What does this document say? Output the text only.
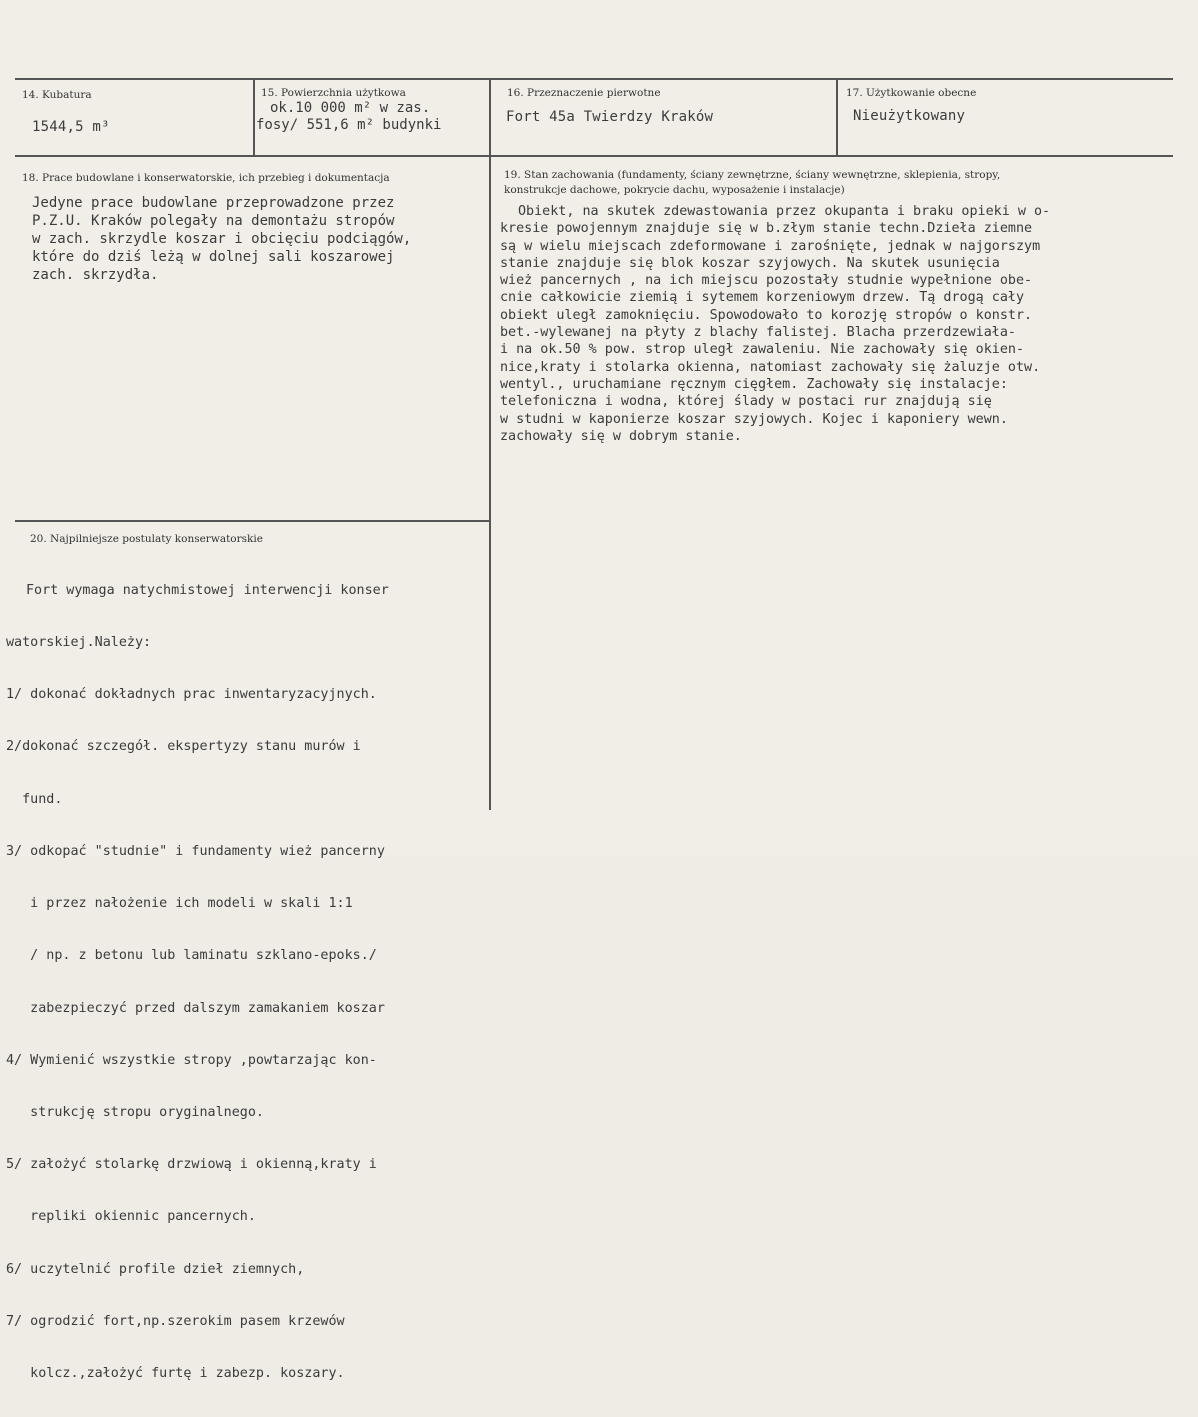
14. Kubatura
1544,5 m³
15. Powierzchnia użytkowa
ok.10 000 m² w zas.
fosy/ 551,6 m² budynki
16. Przeznaczenie pierwotne
Fort 45a Twierdzy Kraków
17. Użytkowanie obecne
Nieużytkowany
18. Prace budowlane i konserwatorskie, ich przebieg i dokumentacja
Jedyne prace budowlane przeprowadzone przez
P.Z.U. Kraków polegały na demontażu stropów
w zach. skrzydle koszar i obcięciu podciągów,
które do dziś leżą w dolnej sali koszarowej
zach. skrzydła.
19. Stan zachowania (fundamenty, ściany zewnętrzne, ściany wewnętrzne, sklepienia, stropy,
konstrukcje dachowe, pokrycie dachu, wyposażenie i instalacje)
Obiekt, na skutek zdewastowania przez okupanta i braku opieki w o-
kresie powojennym znajduje się w b.złym stanie techn.Dzieła ziemne
są w wielu miejscach zdeformowane i zarośnięte, jednak w najgorszym
stanie znajduje się blok koszar szyjowych. Na skutek usunięcia
wież pancernych , na ich miejscu pozostały studnie wypełnione obe-
cnie całkowicie ziemią i sytemem korzeniowym drzew. Tą drogą cały
obiekt uległ zamoknięciu. Spowodowało to korozję stropów o konstr.
bet.-wylewanej na płyty z blachy falistej. Blacha przerdzewiała-
i na ok.50 % pow. strop uległ zawaleniu. Nie zachowały się okien-
nice,kraty i stolarka okienna, natomiast zachowały się żaluzje otw.
wentyl., uruchamiane ręcznym cięgłem. Zachowały się instalacje:
telefoniczna i wodna, której ślady w postaci rur znajdują się
w studni w kaponierze koszar szyjowych. Kojec i kaponiery wewn.
zachowały się w dobrym stanie.
20. Najpilniejsze postulaty konserwatorskie

Fort wymaga natychmistowej interwencji konser

watorskiej.Należy:

1/ dokonać dokładnych prac inwentaryzacyjnych.

2/dokonać szczegół. ekspertyzy stanu murów i

fund.

3/ odkopać "studnie" i fundamenty wież pancerny

i przez nałożenie ich modeli w skali 1:1

/ np. z betonu lub laminatu szklano-epoks./

zabezpieczyć przed dalszym zamakaniem koszar

4/ Wymienić wszystkie stropy ,powtarzając kon-

strukcję stropu oryginalnego.

5/ założyć stolarkę drzwiową i okienną,kraty i

repliki okiennic pancernych.

6/ uczytelnić profile dzieł ziemnych,

7/ ogrodzić fort,np.szerokim pasem krzewów

kolcz.,założyć furtę i zabezp. koszary.
